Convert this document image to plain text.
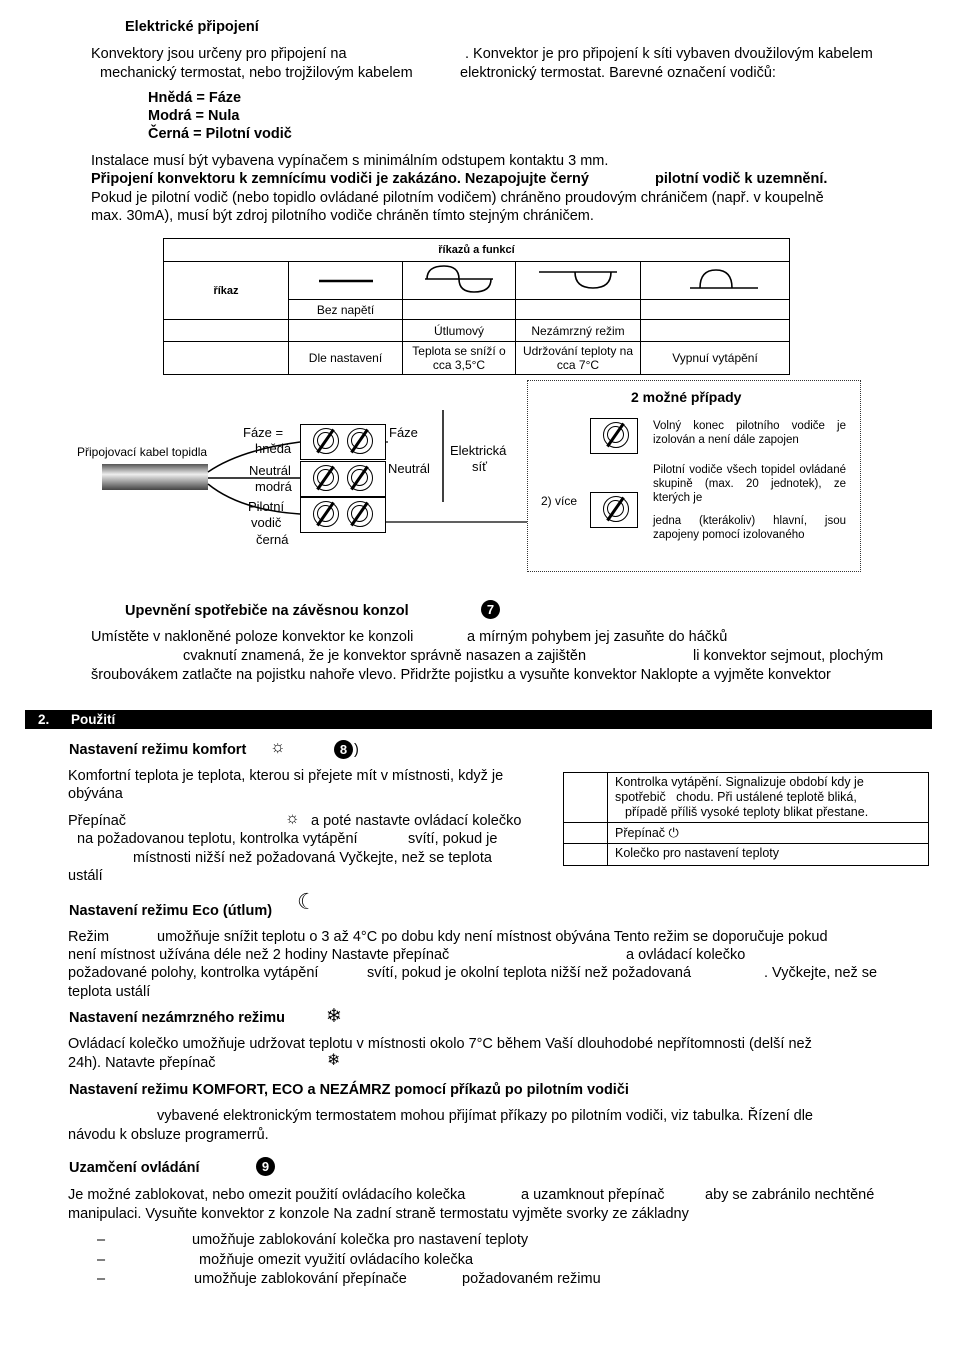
Elektrické připojení
Konvektory jsou určeny pro připojení na	. Konvektor je pro připojení k síti vybaven dvoužilovým kabelem
mechanický termostat, nebo trojžilovým kabelem	elektronický termostat. Barevné označení vodičů:
Hnědá = Fáze
Modrá = Nula
Černá = Pilotní vodič
Instalace musí být vybavena vypínačem s minimálním odstupem kontaktu 3 mm.
Připojení konvektoru k zemnícímu vodiči je zakázáno. Nezapojujte černý	pilotní vodič k uzemnění.
Pokud je pilotní vodič (nebo topidlo ovládané pilotním vodičem) chráněno proudovým chráničem (např. v koupelně
max. 30mA), musí být zdroj pilotního vodiče chráněn tímto stejným chráničem.
říkazů a funkcí				
říkaz				
	Bez napětí			
		Útlumový	Nezámrzný režim	
	Dle nastavení	Teplota se sníží o cca 3,5°C	Udržování teploty na cca 7°C	Vypnuí vytápění
Připojovací kabel topidla
Fáze =
hnědá
Neutrál
modrá
Pilotní
vodič
černá
Fáze
Neutrál
Elektrická
síť
2 možné případy
Volný konec pilotního vodiče je izolován a není dále zapojen
Pilotní vodiče všech topidel ovládané skupině (max. 20 jednotek), ze kterých je
2) více
jedna (kterákoliv) hlavní, jsou zapojeny pomocí izolovaného
Upevnění spotřebiče na závěsnou konzol	7
Umístěte v nakloněné poloze konvektor ke konzoli	a mírným pohybem jej zasuňte do háčků
cvaknutí znamená, že je konvektor správně nasazen a zajištěn	li konvektor sejmout, plochým
šroubovákem zatlačte na pojistku nahoře vlevo. Přidržte pojistku a vysuňte konvektor Naklopte a vyjměte konvektor
2. Použití
Nastavení režimu komfort ☼	8 )
Komfortní teplota je teplota, kterou si přejete mít v místnosti, když je obývána
Přepínač	☼ a poté nastavte ovládací kolečko
na požadovanou teplotu, kontrolka vytápění	svítí, pokud je
místnosti nižší než požadovaná Vyčkejte, než se teplota
ustálí
	Kontrolka vytápění. Signalizuje období kdy je
spotřebič chodu. Při ustálené teplotě bliká,
případě příliš vysoké teploty blikat přestane.
	Přepínač ⏻
	Kolečko pro nastavení teploty
Nastavení režimu Eco (útlum) ☾
Režim	umožňuje snížit teplotu o 3 až 4°C po dobu kdy není místnost obývána Tento režim se doporučuje pokud
není místnost užívána déle než 2 hodiny Nastavte přepínač	a ovládací kolečko
požadované polohy, kontrolka vytápění	svítí, pokud je okolní teplota nižší než požadovaná	. Vyčkejte, než se
teplota ustálí
Nastavení nezámrzného režimu ❄
Ovládací kolečko umožňuje udržovat teplotu v místnosti okolo 7°C během Vaší dlouhodobé nepřítomnosti (delší než
24h). Natavte přepínač	❄
Nastavení režimu KOMFORT, ECO a NEZÁMRZ pomocí příkazů po pilotním vodiči
vybavené elektronickým termostatem mohou přijímat příkazy po pilotním vodiči, viz tabulka. Řízení dle
návodu k obsluze programerrů.
Uzamčení ovládání	9
Je možné zablokovat, nebo omezit použití ovládacího kolečka	a uzamknout přepínač	aby se zabránilo nechtěné
manipulaci. Vysuňte konvektor z konzole Na zadní straně termostatu vyjměte svorky ze základny
–	umožňuje zablokování kolečka pro nastavení teploty
–	možňuje omezit využití ovládacího kolečka
–	umožňuje zablokování přepínače	požadovaném režimu
